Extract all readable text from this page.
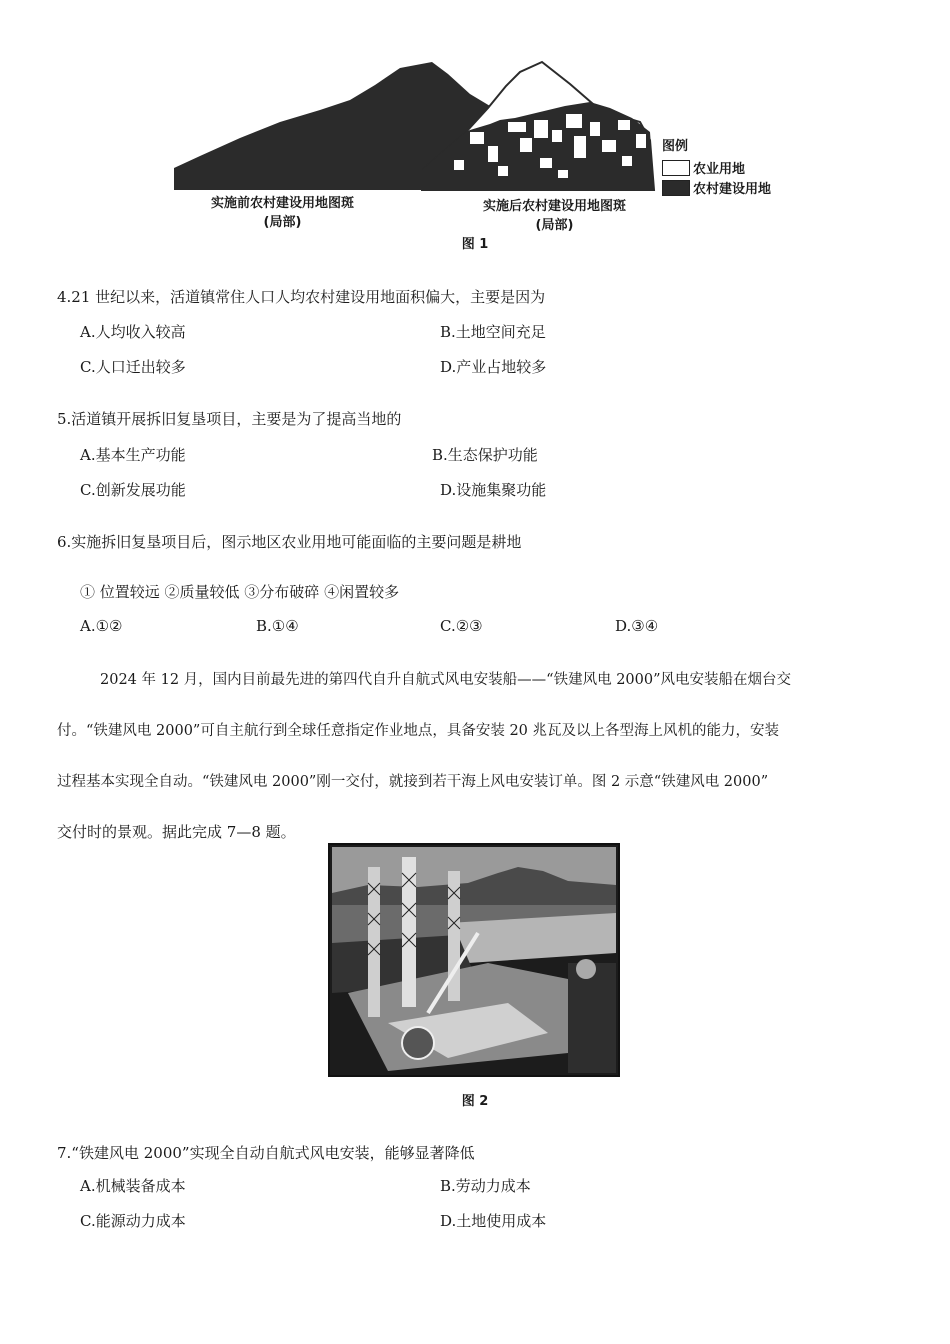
图例
农业用地
农村建设用地
实施前农村建设用地图斑
(局部)
实施后农村建设用地图斑
(局部)
图 1
4.21 世纪以来，活道镇常住人口人均农村建设用地面积偏大，主要是因为
A.人均收入较高	B.土地空间充足
C.人口迁出较多	D.产业占地较多
5.活道镇开展拆旧复垦项目，主要是为了提高当地的
A.基本生产功能	B.生态保护功能
C.创新发展功能	D.设施集聚功能
6.实施拆旧复垦项目后，图示地区农业用地可能面临的主要问题是耕地
① 位置较远 ②质量较低 ③分布破碎 ④闲置较多
A.①②	B.①④	C.②③	D.③④
2024 年 12 月，国内目前最先进的第四代自升自航式风电安装船——“铁建风电 2000”风电安装船在烟台交
付。“铁建风电 2000”可自主航行到全球任意指定作业地点，具备安装 20 兆瓦及以上各型海上风机的能力，安装
过程基本实现全自动。“铁建风电 2000”刚一交付，就接到若干海上风电安装订单。图 2 示意“铁建风电 2000”
交付时的景观。据此完成 7—8 题。
图 2
7.“铁建风电 2000”实现全自动自航式风电安装，能够显著降低
A.机械装备成本	B.劳动力成本
C.能源动力成本	D.土地使用成本
